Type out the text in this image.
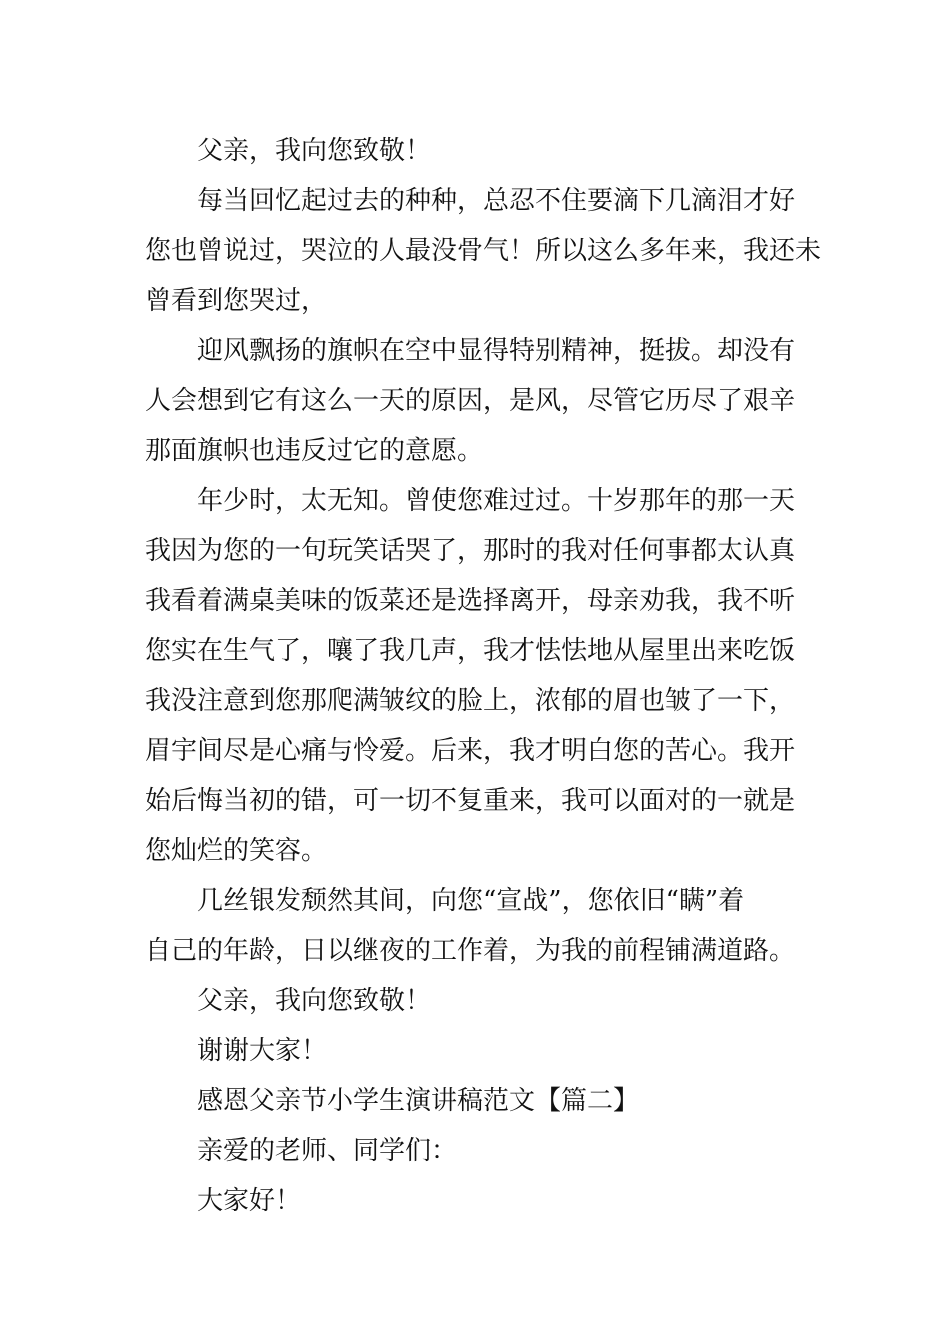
父亲，我向您致敬！

每当回忆起过去的种种，总忍不住要滴下几滴泪才好
您也曾说过，哭泣的人最没骨气！所以这么多年来，我还未
曾看到您哭过，

迎风飘扬的旗帜在空中显得特别精神，挺拔。却没有
人会想到它有这么一天的原因，是风，尽管它历尽了艰辛
那面旗帜也违反过它的意愿。

年少时，太无知。曾使您难过过。十岁那年的那一天
我因为您的一句玩笑话哭了，那时的我对任何事都太认真
我看着满桌美味的饭菜还是选择离开，母亲劝我，我不听
您实在生气了，嚷了我几声，我才怯怯地从屋里出来吃饭
我没注意到您那爬满皱纹的脸上，浓郁的眉也皱了一下，
眉宇间尽是心痛与怜爱。后来，我才明白您的苦心。我开
始后悔当初的错，可一切不复重来，我可以面对的一就是
您灿烂的笑容。

几丝银发颓然其间，向您“宣战”，您依旧“瞒”着
自己的年龄，日以继夜的工作着，为我的前程铺满道路。

父亲，我向您致敬！

谢谢大家！

感恩父亲节小学生演讲稿范文【篇二】

亲爱的老师、同学们：

大家好！
